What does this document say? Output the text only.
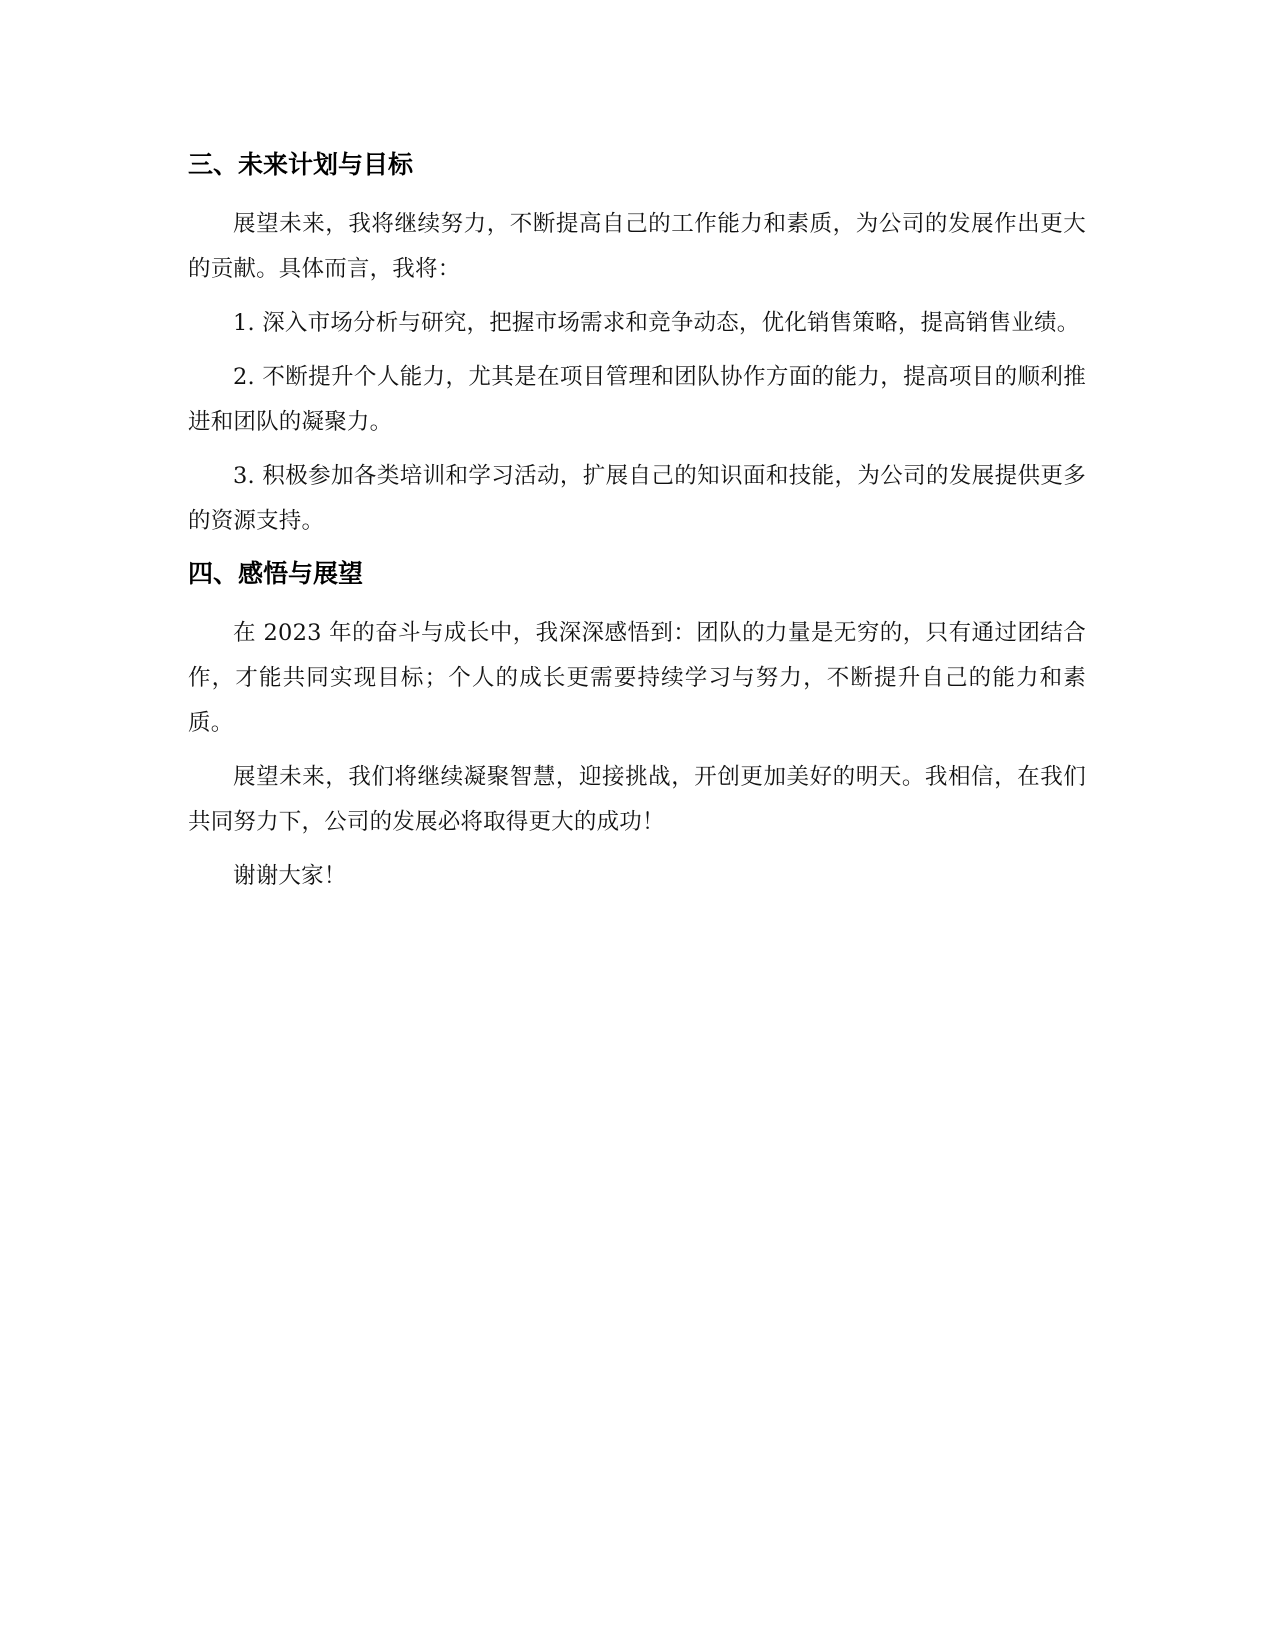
三、未来计划与目标

展望未来，我将继续努力，不断提高自己的工作能力和素质，为公司的发展作出更大的贡献。具体而言，我将：

1. 深入市场分析与研究，把握市场需求和竞争动态，优化销售策略，提高销售业绩。

2. 不断提升个人能力，尤其是在项目管理和团队协作方面的能力，提高项目的顺利推进和团队的凝聚力。

3. 积极参加各类培训和学习活动，扩展自己的知识面和技能，为公司的发展提供更多的资源支持。

四、感悟与展望

在 2023 年的奋斗与成长中，我深深感悟到：团队的力量是无穷的，只有通过团结合作，才能共同实现目标；个人的成长更需要持续学习与努力，不断提升自己的能力和素质。

展望未来，我们将继续凝聚智慧，迎接挑战，开创更加美好的明天。我相信，在我们共同努力下，公司的发展必将取得更大的成功！

谢谢大家！
